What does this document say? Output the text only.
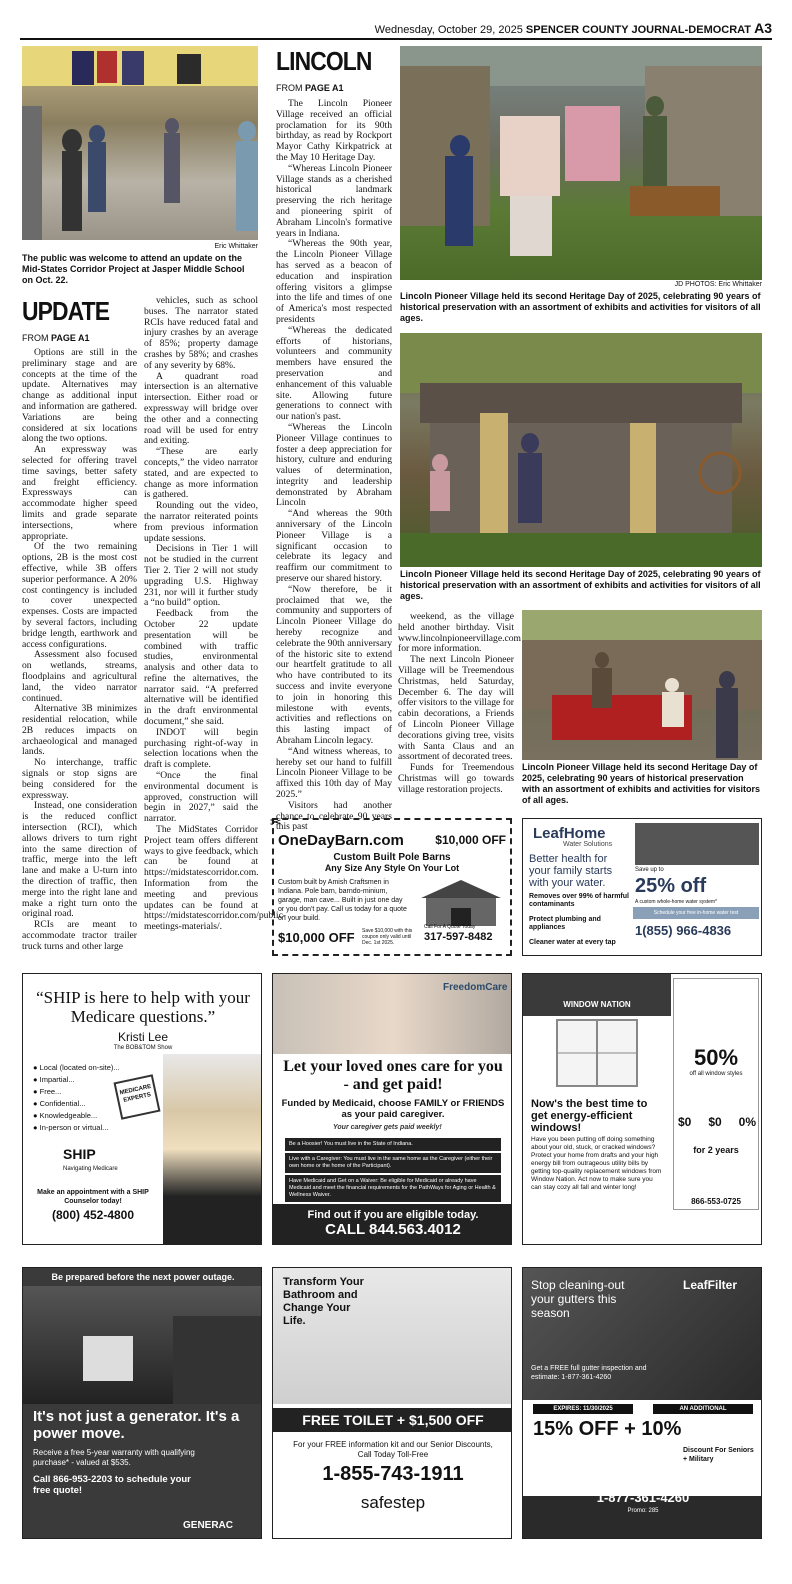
Wednesday, October 29, 2025 SPENCER COUNTY JOURNAL-DEMOCRAT A3
Eric Whittaker
The public was welcome to attend an update on the Mid-States Corridor Project at Jasper Middle School on Oct. 22.
UPDATE
FROM PAGE A1

Options are still in the preliminary stage and are concepts at the time of the update. Alternatives may change as additional input and information are gathered. Variations are being considered at six locations along the two options.

An expressway was selected for offering travel time savings, better safety and freight efficiency. Expressways can accommodate higher speed limits and grade separate intersections, where appropriate.

Of the two remaining options, 2B is the most cost effective, while 3B offers superior performance. A 20% cost contingency is included to cover unexpected expenses. Costs are impacted by several factors, including bridge length, earthwork and access configurations.

Assessment also focused on wetlands, streams, floodplains and agricultural land, the video narrator continued.

Alternative 3B minimizes residential relocation, while 2B reduces impacts on archaeological and managed lands.

No interchange, traffic signals or stop signs are being considered for the expressway.

Instead, one consideration is the reduced conflict intersection (RCI), which allows drivers to turn right into the same direction of traffic, merge into the left lane and make a U-turn into the direction of traffic, then merge into the right lane and make a right turn onto the original road.

RCIs are meant to accommodate tractor trailer truck turns and other large

vehicles, such as school buses. The narrator stated RCIs have reduced fatal and injury crashes by an average of 85%; property damage crashes by 58%; and crashes of any severity by 68%.

A quadrant road intersection is an alternative intersection. Either road or expressway will bridge over the other and a connecting road will be used for entry and exiting.

“These are early concepts,” the video narrator stated, and are expected to change as more information is gathered.

Rounding out the video, the narrator reiterated points from previous information update sessions.

Decisions in Tier 1 will not be studied in the current Tier 2. Tier 2 will not study upgrading U.S. Highway 231, nor will it further study a “no build” option.

Feedback from the October 22 update presentation will be combined with traffic studies, environmental analysis and other data to refine the alternatives, the narrator said. “A preferred alternative will be identified in the draft environmental document,” she said.

INDOT will begin purchasing right-of-way in selection locations when the draft is complete.

“Once the final environmental document is approved, construction will begin in 2027,” said the narrator.

The MidStates Corridor Project team offers different ways to give feedback, which can be found at https://midstatescorridor.com. Information from the meeting and previous updates can be found at https://midstatescorridor.com/public-meetings-materials/.

LINCOLN
FROM PAGE A1

The Lincoln Pioneer Village received an official proclamation for its 90th birthday, as read by Rockport Mayor Cathy Kirkpatrick at the May 10 Heritage Day.

“Whereas Lincoln Pioneer Village stands as a cherished historical landmark preserving the rich heritage and pioneering spirit of Abraham Lincoln's formative years in Indiana.

“Whereas the 90th year, the Lincoln Pioneer Village has served as a beacon of education and inspiration offering visitors a glimpse into the life and times of one of America's most respected presidents

“Whereas the dedicated efforts of historians, volunteers and community members have ensured the preservation and enhancement of this valuable site. Allowing future generations to connect with our nation's past.

“Whereas the Lincoln Pioneer Village continues to foster a deep appreciation for history, culture and enduring values of determination, integrity and leadership demonstrated by Abraham Lincoln

“And whereas the 90th anniversary of the Lincoln Pioneer Village is a significant occasion to celebrate its legacy and reaffirm our commitment to preserve our shared history.

“Now therefore, be it proclaimed that we, the community and supporters of Lincoln Pioneer Village do hereby recognize and celebrate the 90th anniversary of the historic site to extend our heartfelt gratitude to all who have contributed to its success and invite everyone to join in honoring this milestone with events, activities and reflections on this lasting impact of Abraham Lincoln legacy.

“And witness whereas, to hereby set our hand to fulfill Lincoln Pioneer Village to be affixed this 10th day of May 2025.”

Visitors had another chance to celebrate 90 years this past

weekend, as the village held another birthday. Visit www.lincolnpioneervillage.com for more information.

The next Lincoln Pioneer Village will be Treemendous Christmas, held Saturday, December 6. The day will offer visitors to the village for cabin decorations, a Friends of Lincoln Pioneer Village decorations giving tree, visits with Santa Claus and an assortment of decorated trees.

Funds for Treemendous Christmas will go towards village restoration projects.

JD PHOTOS: Eric Whittaker
Lincoln Pioneer Village held its second Heritage Day of 2025, celebrating 90 years of historical preservation with an assortment of exhibits and activities for visitors of all ages.
Lincoln Pioneer Village held its second Heritage Day of 2025, celebrating 90 years of historical preservation with an assortment of exhibits and activities for visitors of all ages.
Lincoln Pioneer Village held its second Heritage Day of 2025, celebrating 90 years of historical preservation with an assortment of exhibits and activities for visitors of all ages.
✂
OneDayBarn.com	$10,000 OFF
Custom Built Pole Barns
Any Size Any Style On Your Lot
Custom built by Amish Craftsmen in Indiana. Pole barn, barndo-minium, garage, man cave... Built in just one day or you don't pay. Call us today for a quote on your build.
$10,000 OFF Save $10,000 with this coupon only valid until Dec. 1st 2025.
Call For A Quote Today
317-597-8482
LeafHome
Water Solutions
Better health for your family starts with your water.
Removes over 99% of harmful contaminants
Protect plumbing and appliances
Cleaner water at every tap
Save up to
25% off
A custom whole-home water system*
Schedule your free in-home water test
1(855) 966-4836
“SHIP is here to help with your Medicare questions.”
Kristi Lee
The BOB&TOM Show
● Local (located on-site)...
● Impartial...
● Free...
● Confidential...
● Knowledgeable...
● In-person or virtual...
MEDICARE EXPERTS
SHIP
Navigating Medicare
Make an appointment with a SHIP Counselor today!
(800) 452-4800
FreedomCare
Let your loved ones care for you - and get paid!
Funded by Medicaid, choose FAMILY or FRIENDS as your paid caregiver.
Your caregiver gets paid weekly!
Be a Hoosier! You must live in the State of Indiana.
Live with a Caregiver: You must live in the same home as the Caregiver (either their own home or the home of the Participant).
Have Medicaid and Get on a Waiver: Be eligible for Medicaid or already have Medicaid and meet the financial requirements for the PathWays for Aging or Health & Wellness Waiver.
Find out if you are eligible today.
CALL 844.563.4012
WINDOW NATION
Now's the best time to get energy-efficient windows!
Have you been putting off doing something about your old, stuck, or cracked windows? Protect your home from drafts and your high energy bill from outrageous utility bills by getting top-quality replacement windows from Window Nation. Act now to make sure you can stay cozy all fall and winter long!
50%
off all window styles
$0 $0 0%
for 2 years
866-553-0725
Be prepared before the next power outage.
It's not just a generator. It's a power move.
Receive a free 5-year warranty with qualifying purchase* - valued at $535.
Call 866-953-2203 to schedule your free quote!
GENERAC
Transform Your Bathroom and Change Your Life.
FREE TOILET + $1,500 OFF
For your FREE information kit and our Senior Discounts, Call Today Toll-Free
1-855-743-1911
safestep
Stop cleaning-out your gutters this season
LeafFilter
Get a FREE full gutter inspection and estimate: 1-877-361-4260
EXPIRES: 11/30/2025	AN ADDITIONAL
15% OFF + 10%
Discount For Seniors + Military
Get a FREE full gutter inspection and estimate:
1-877-361-4260
Promo: 285
